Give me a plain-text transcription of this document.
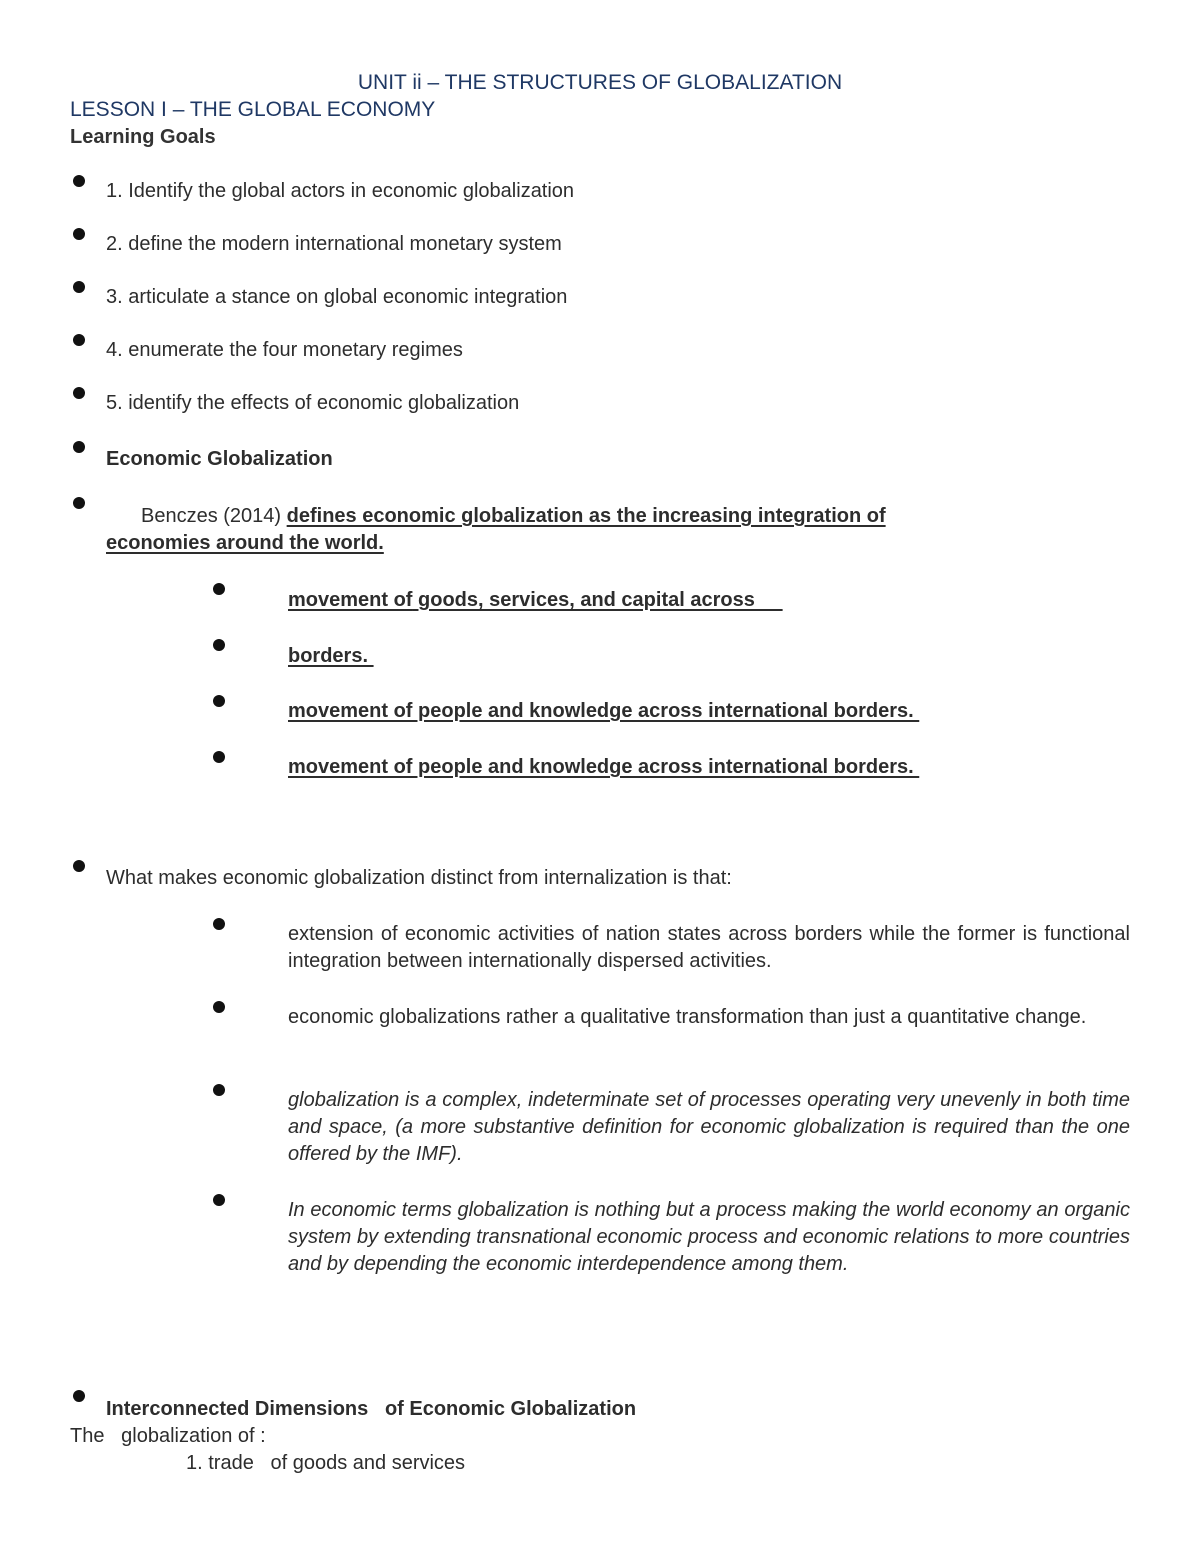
UNIT ii – THE STRUCTURES OF GLOBALIZATION
LESSON I – THE GLOBAL ECONOMY
Learning Goals
1. Identify the global actors in economic globalization
2. define the modern international monetary system
3. articulate a stance on global economic integration
4. enumerate the four monetary regimes
5. identify the effects of economic globalization
Economic Globalization
Benczes (2014) defines economic globalization as the increasing integration of
economies around the world.
movement of goods, services, and capital across
borders.
movement of people and knowledge across international borders.
movement of people and knowledge across international borders.
What makes economic globalization distinct from internalization is that:
extension of economic activities of nation states across borders while the former is functional integration between internationally dispersed activities.
economic globalizations rather a qualitative transformation than just a quantitative change.
globalization is a complex, indeterminate set of processes operating very unevenly in both time and space, (a more substantive definition for economic globalization is required than the one offered by the IMF).
In economic terms globalization is nothing but a process making the world economy an organic system by extending transnational economic process and economic relations to more countries and by depending the economic interdependence among them.
Interconnected Dimensions   of Economic Globalization
The   globalization of :
1. trade   of goods and services
